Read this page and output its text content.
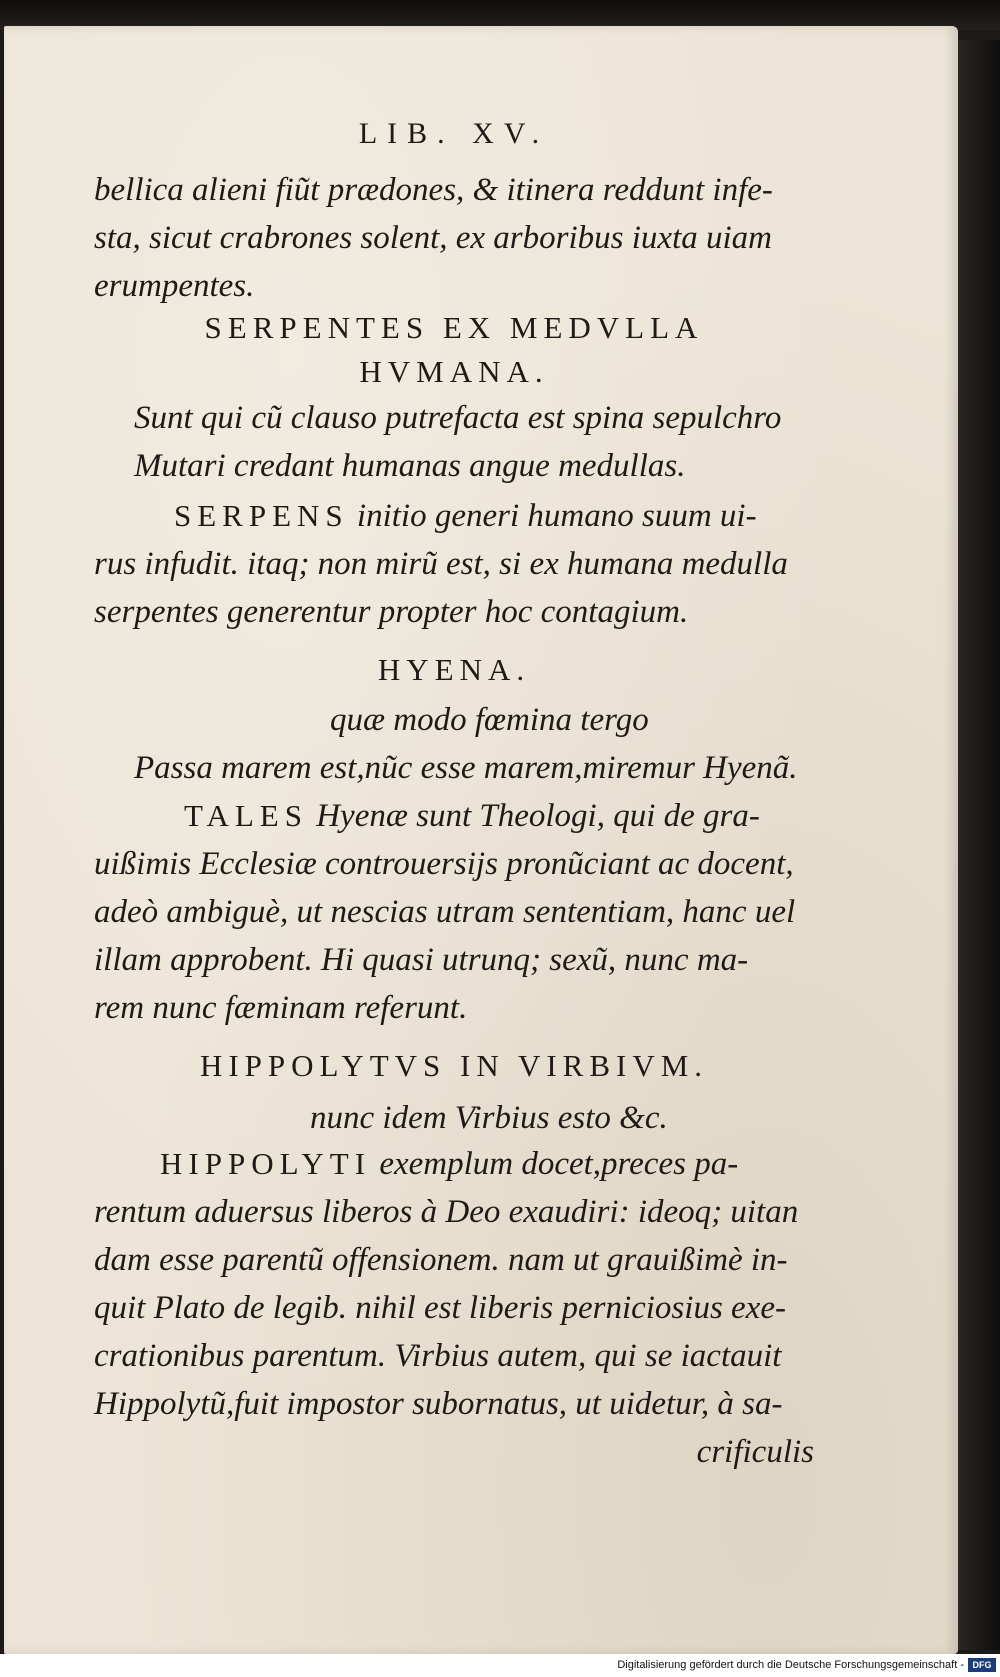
LIB. XV.
bellica alieni fiũt prædones, & itinera reddunt infe-
sta, sicut crabrones solent, ex arboribus iuxta uiam
erumpentes.
SERPENTES EX MEDVLLA
HVMANA.
Sunt qui cũ clauso putrefacta est spina sepulchro
Mutari credant humanas angue medullas.
SERPENS initio generi humano suum ui-
rus infudit. itaq; non mirũ est, si ex humana medulla
serpentes generentur propter hoc contagium.
HYENA.
quæ modo fœmina tergo
Passa marem est,nũc esse marem,miremur Hyenã.
TALES Hyenæ sunt Theologi, qui de gra-
uißimis Ecclesiæ controuersijs pronũciant ac docent,
adeò ambiguè, ut nescias utram sententiam, hanc uel
illam approbent. Hi quasi utrunq; sexũ, nunc ma-
rem nunc fæminam referunt.
HIPPOLYTVS IN VIRBIVM.
nunc idem Virbius esto &c.
HIPPOLYTI exemplum docet,preces pa-
rentum aduersus liberos à Deo exaudiri: ideoq; uitan
dam esse parentũ offensionem. nam ut grauißimè in-
quit Plato de legib. nihil est liberis perniciosius exe-
crationibus parentum. Virbius autem, qui se iactauit
Hippolytũ,fuit impostor subornatus, ut uidetur, à sa-
crificulis
Digitalisierung gefördert durch die Deutsche Forschungsgemeinschaft - DFG
